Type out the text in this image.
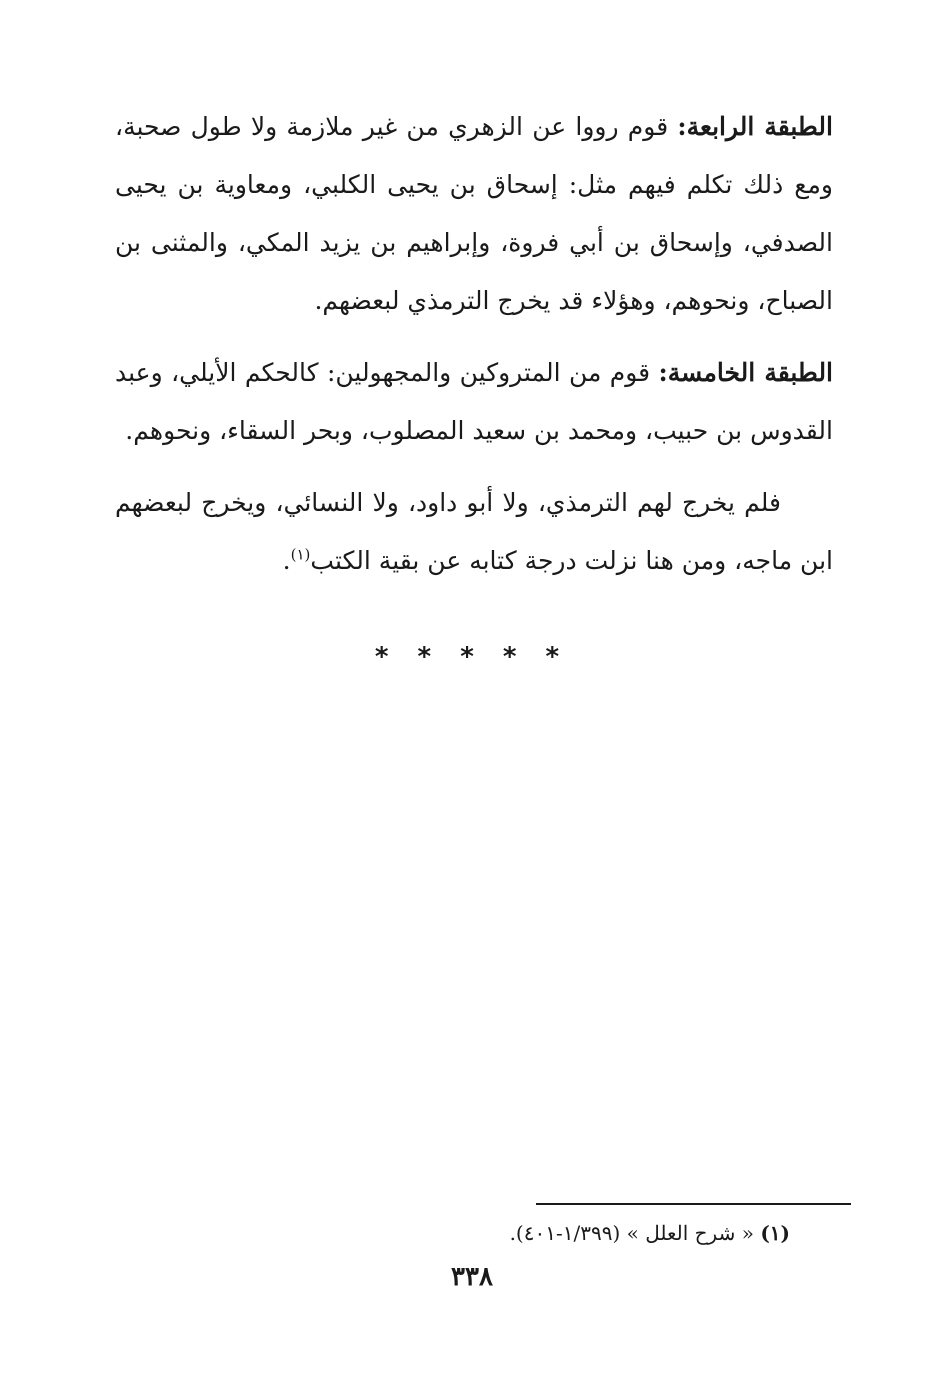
الطبقة الرابعة: قوم رووا عن الزهري من غير ملازمة ولا طول صحبة، ومع ذلك تكلم فيهم مثل: إسحاق بن يحيى الكلبي، ومعاوية بن يحيى الصدفي، وإسحاق بن أبي فروة، وإبراهيم بن يزيد المكي، والمثنى بن الصباح، ونحوهم، وهؤلاء قد يخرج الترمذي لبعضهم.

الطبقة الخامسة: قوم من المتروكين والمجهولين: كالحكم الأيلي، وعبد القدوس بن حبيب، ومحمد بن سعيد المصلوب، وبحر السقاء، ونحوهم.

فلم يخرج لهم الترمذي، ولا أبو داود، ولا النسائي، ويخرج لبعضهم ابن ماجه، ومن هنا نزلت درجة كتابه عن بقية الكتب$^{(١)}$.

* * * * *
(١) « شرح العلل » (١/٣٩٩-٤٠١).
٣٣٨
